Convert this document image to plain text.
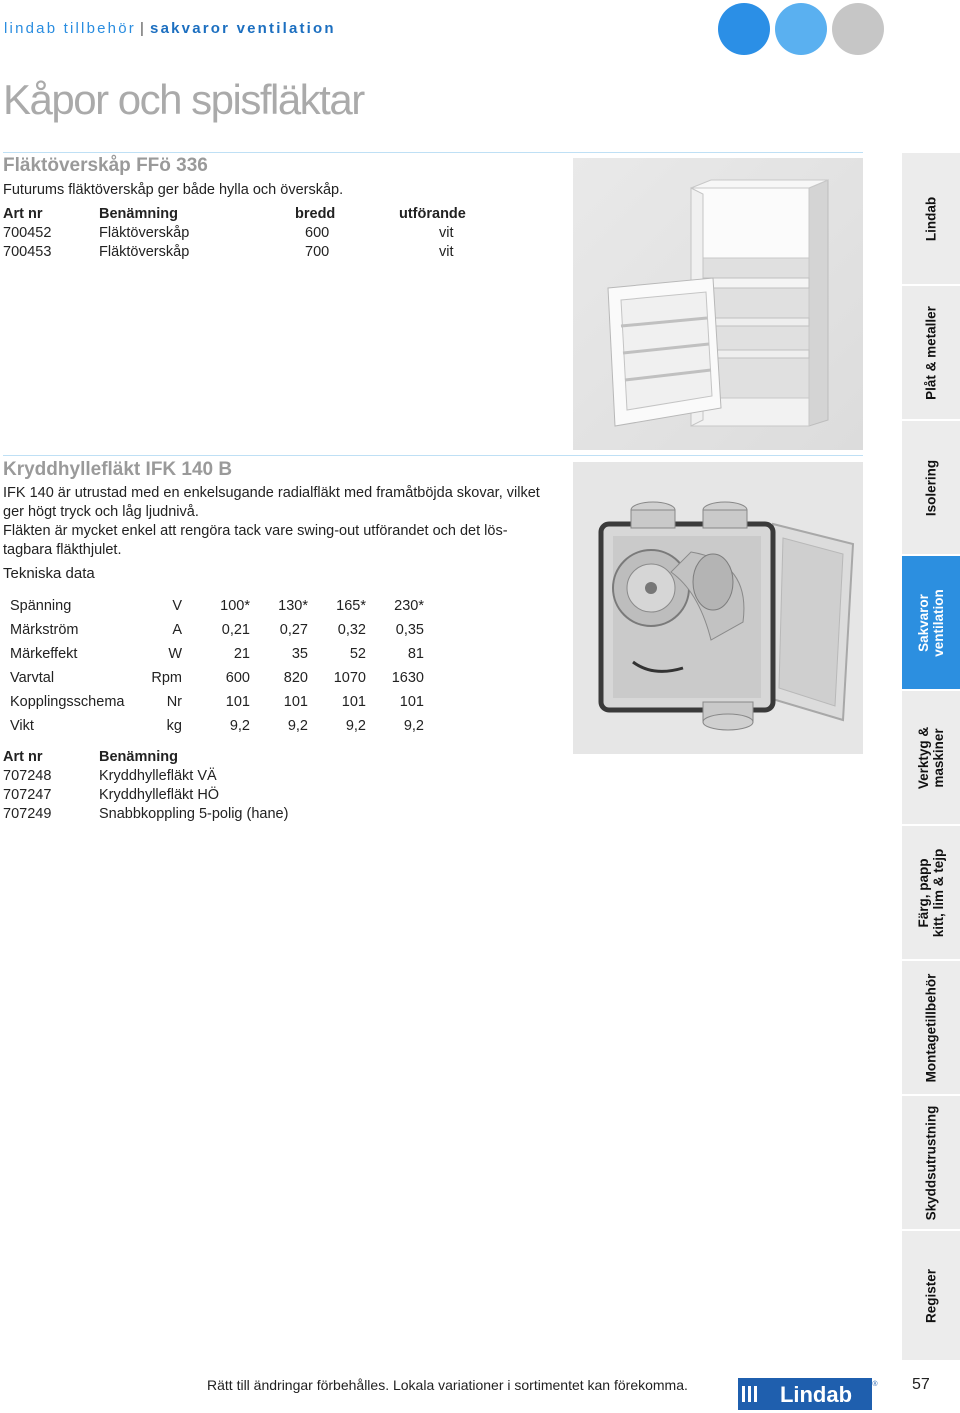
lindab tillbehör | sakvaror ventilation
Kåpor och spisfläktar
Fläktöverskåp FFö 336
Futurums fläktöverskåp ger både hylla och överskåp.
Art nr	Benämning	bredd	utförande
700452	Fläktöverskåp	600	vit
700453	Fläktöverskåp	700	vit
Kryddhyllefläkt IFK 140 B
IFK 140 är utrustad med en enkelsugande radialfläkt med framåtböjda skovar, vilket ger högt tryck och låg ljudnivå.
Fläkten är mycket enkel att rengöra tack vare swing-out utförandet och det lös-tagbara fläkthjulet.
Tekniska data
Spänning	V	100*	130*	165*	230*
Märkström	A	0,21	0,27	0,32	0,35
Märkeffekt	W	21	35	52	81
Varvtal	Rpm	600	820	1070	1630
Kopplingsschema	Nr	101	101	101	101
Vikt	kg	9,2	9,2	9,2	9,2
Art nr	Benämning
707248	Kryddhyllefläkt VÄ
707247	Kryddhyllefläkt HÖ
707249	Snabbkoppling 5-polig (hane)
Lindab
Plåt & metaller
Isolering
Sakvaror
ventilation
Verktyg &
maskiner
Färg, papp
kitt, lim & tejp
Montagetillbehör
Skyddsutrustning
Register
Rätt till ändringar förbehålles. Lokala variationer i sortimentet kan förekomma.	Lindab	® 57
